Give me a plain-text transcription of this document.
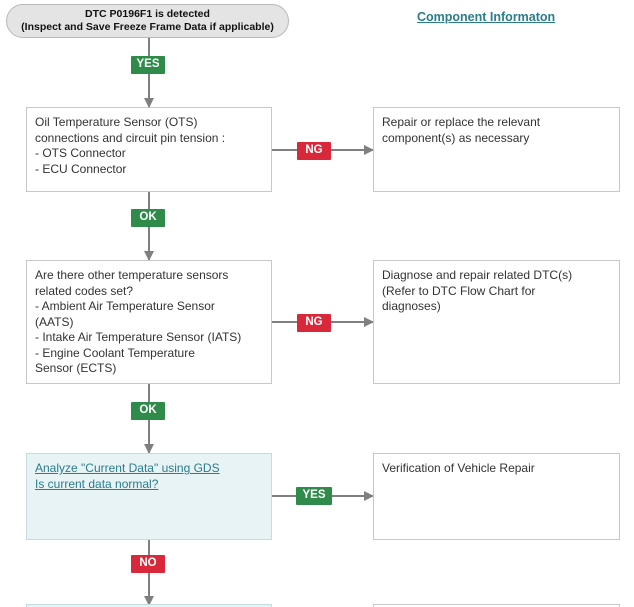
DTC P0196F1 is detected
(Inspect and Save Freeze Frame Data if applicable)
Component Informaton
YES
Oil Temperature Sensor (OTS)
connections and circuit pin tension :
- OTS Connector
- ECU Connector
NG
Repair or replace the relevant
component(s) as necessary
OK
Are there other temperature sensors
related codes set?
- Ambient Air Temperature Sensor
(AATS)
- Intake Air Temperature Sensor (IATS)
- Engine Coolant Temperature
Sensor (ECTS)
NG
Diagnose and repair related DTC(s)
(Refer to DTC Flow Chart for
diagnoses)
OK
Analyze "Current Data" using GDS
Is current data normal?
YES
Verification of Vehicle Repair
NO
